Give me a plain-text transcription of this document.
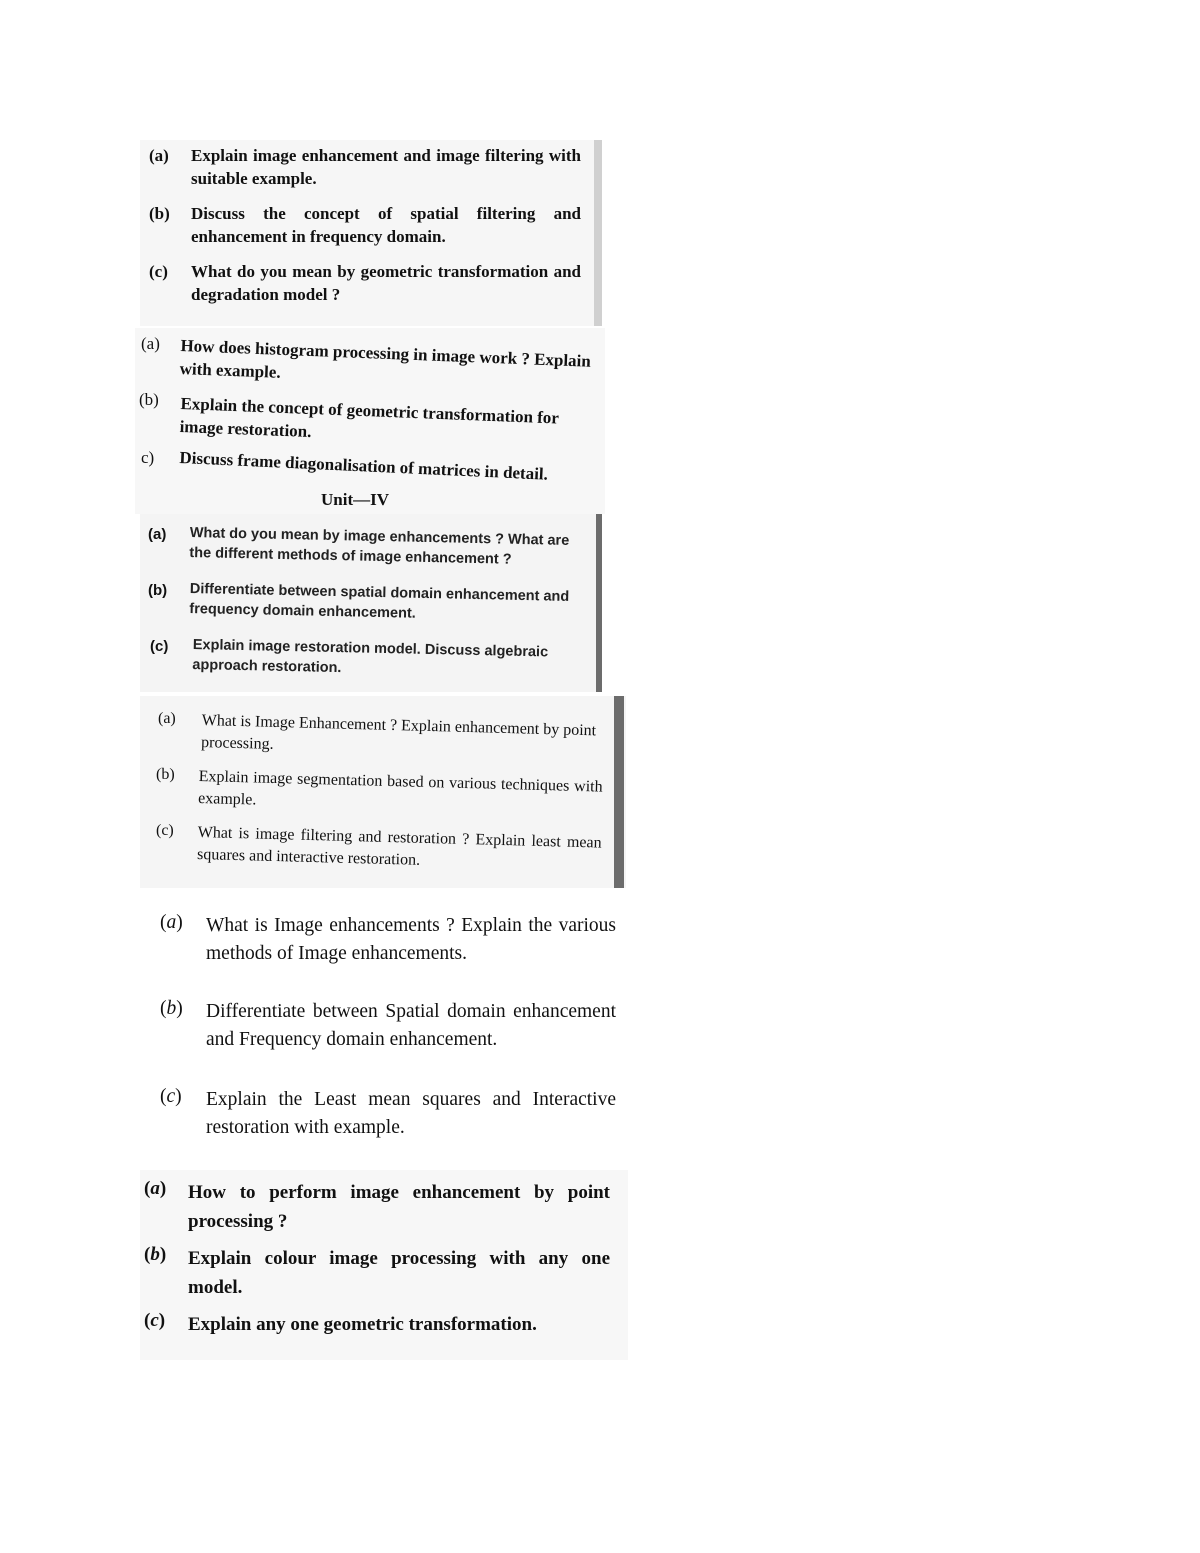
(a) Explain image enhancement and image filtering with suitable example.
(b) Discuss the concept of spatial filtering and enhancement in frequency domain.
(c) What do you mean by geometric transformation and degradation model ?
(a) How does histogram processing in image work ? Explain with example.
(b) Explain the concept of geometric transformation for image restoration.
c) Discuss frame diagonalisation of matrices in detail.
Unit—IV
(a) What do you mean by image enhancements ? What are the different methods of image enhancement ?
(b) Differentiate between spatial domain enhancement and frequency domain enhancement.
(c) Explain image restoration model. Discuss algebraic approach restoration.
(a) What is Image Enhancement ? Explain enhancement by point processing.
(b) Explain image segmentation based on various techniques with example.
(c) What is image filtering and restoration ? Explain least mean squares and interactive restoration.
(a) What is Image enhancements ? Explain the various methods of Image enhancements.
(b) Differentiate between Spatial domain enhancement and Frequency domain enhancement.
(c) Explain the Least mean squares and Interactive restoration with example.
(a) How to perform image enhancement by point processing ?
(b) Explain colour image processing with any one model.
(c) Explain any one geometric transformation.
